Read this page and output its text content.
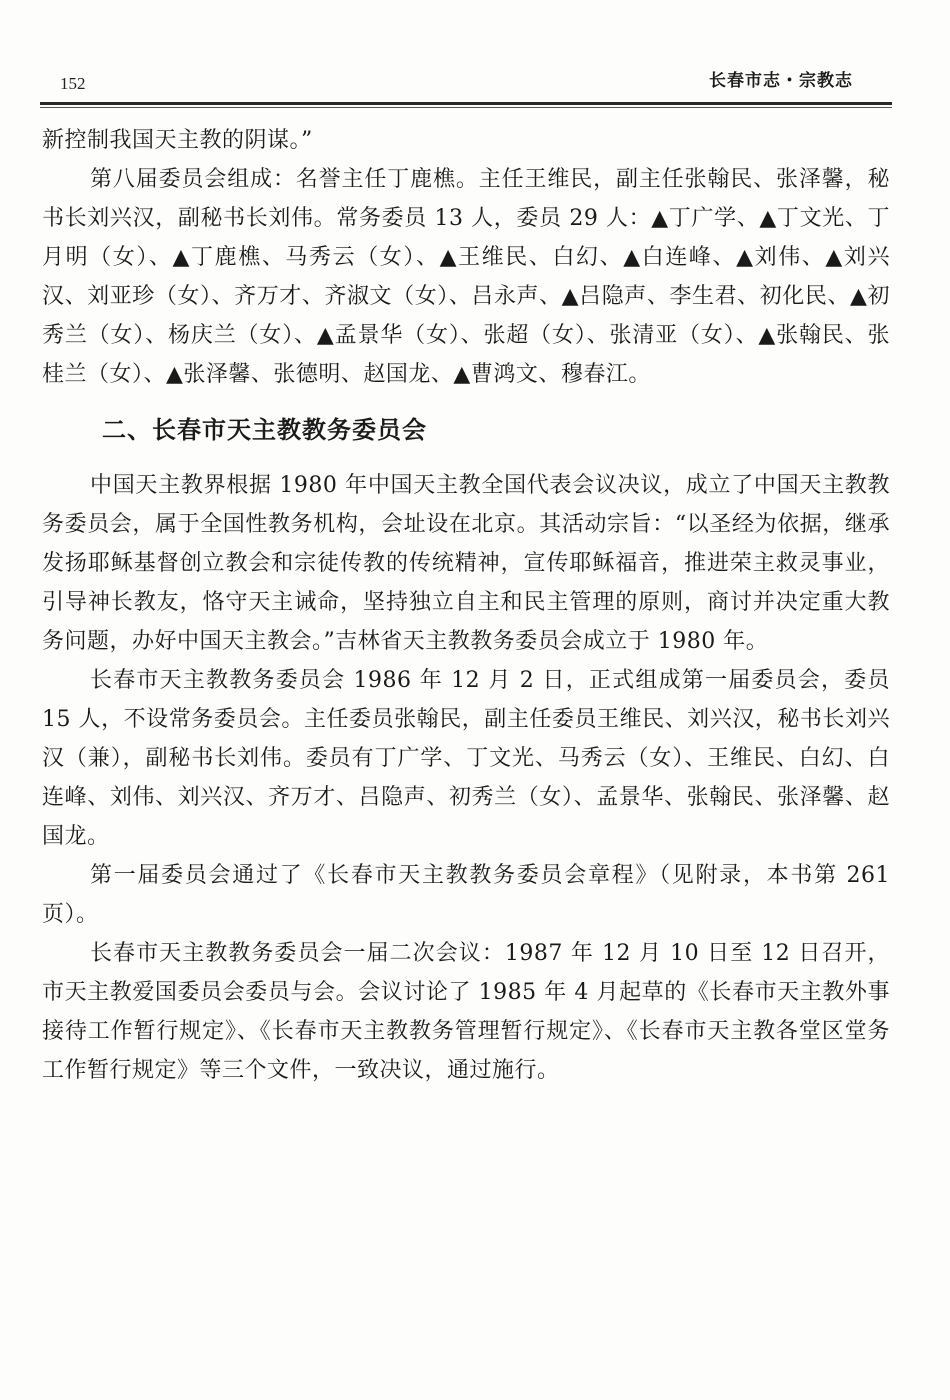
152	长春市志・宗教志

新控制我国天主教的阴谋。”

第八届委员会组成：名誉主任丁鹿樵。主任王维民，副主任张翰民、张泽馨，秘书长刘兴汉，副秘书长刘伟。常务委员 13 人，委员 29 人：▲丁广学、▲丁文光、丁月明（女）、▲丁鹿樵、马秀云（女）、▲王维民、白幻、▲白连峰、▲刘伟、▲刘兴汉、刘亚珍（女）、齐万才、齐淑文（女）、吕永声、▲吕隐声、李生君、初化民、▲初秀兰（女）、杨庆兰（女）、▲孟景华（女）、张超（女）、张清亚（女）、▲张翰民、张桂兰（女）、▲张泽馨、张德明、赵国龙、▲曹鸿文、穆春江。

二、长春市天主教教务委员会

中国天主教界根据 1980 年中国天主教全国代表会议决议，成立了中国天主教教务委员会，属于全国性教务机构，会址设在北京。其活动宗旨：“以圣经为依据，继承发扬耶稣基督创立教会和宗徒传教的传统精神，宣传耶稣福音，推进荣主救灵事业，引导神长教友，恪守天主诫命，坚持独立自主和民主管理的原则，商讨并决定重大教务问题，办好中国天主教会。”吉林省天主教教务委员会成立于 1980 年。

长春市天主教教务委员会 1986 年 12 月 2 日，正式组成第一届委员会，委员 15 人，不设常务委员会。主任委员张翰民，副主任委员王维民、刘兴汉，秘书长刘兴汉（兼），副秘书长刘伟。委员有丁广学、丁文光、马秀云（女）、王维民、白幻、白连峰、刘伟、刘兴汉、齐万才、吕隐声、初秀兰（女）、孟景华、张翰民、张泽馨、赵国龙。

第一届委员会通过了《长春市天主教教务委员会章程》（见附录，本书第 261 页）。

长春市天主教教务委员会一届二次会议：1987 年 12 月 10 日至 12 日召开，市天主教爱国委员会委员与会。会议讨论了 1985 年 4 月起草的《长春市天主教外事接待工作暂行规定》、《长春市天主教教务管理暂行规定》、《长春市天主教各堂区堂务工作暂行规定》等三个文件，一致决议，通过施行。
